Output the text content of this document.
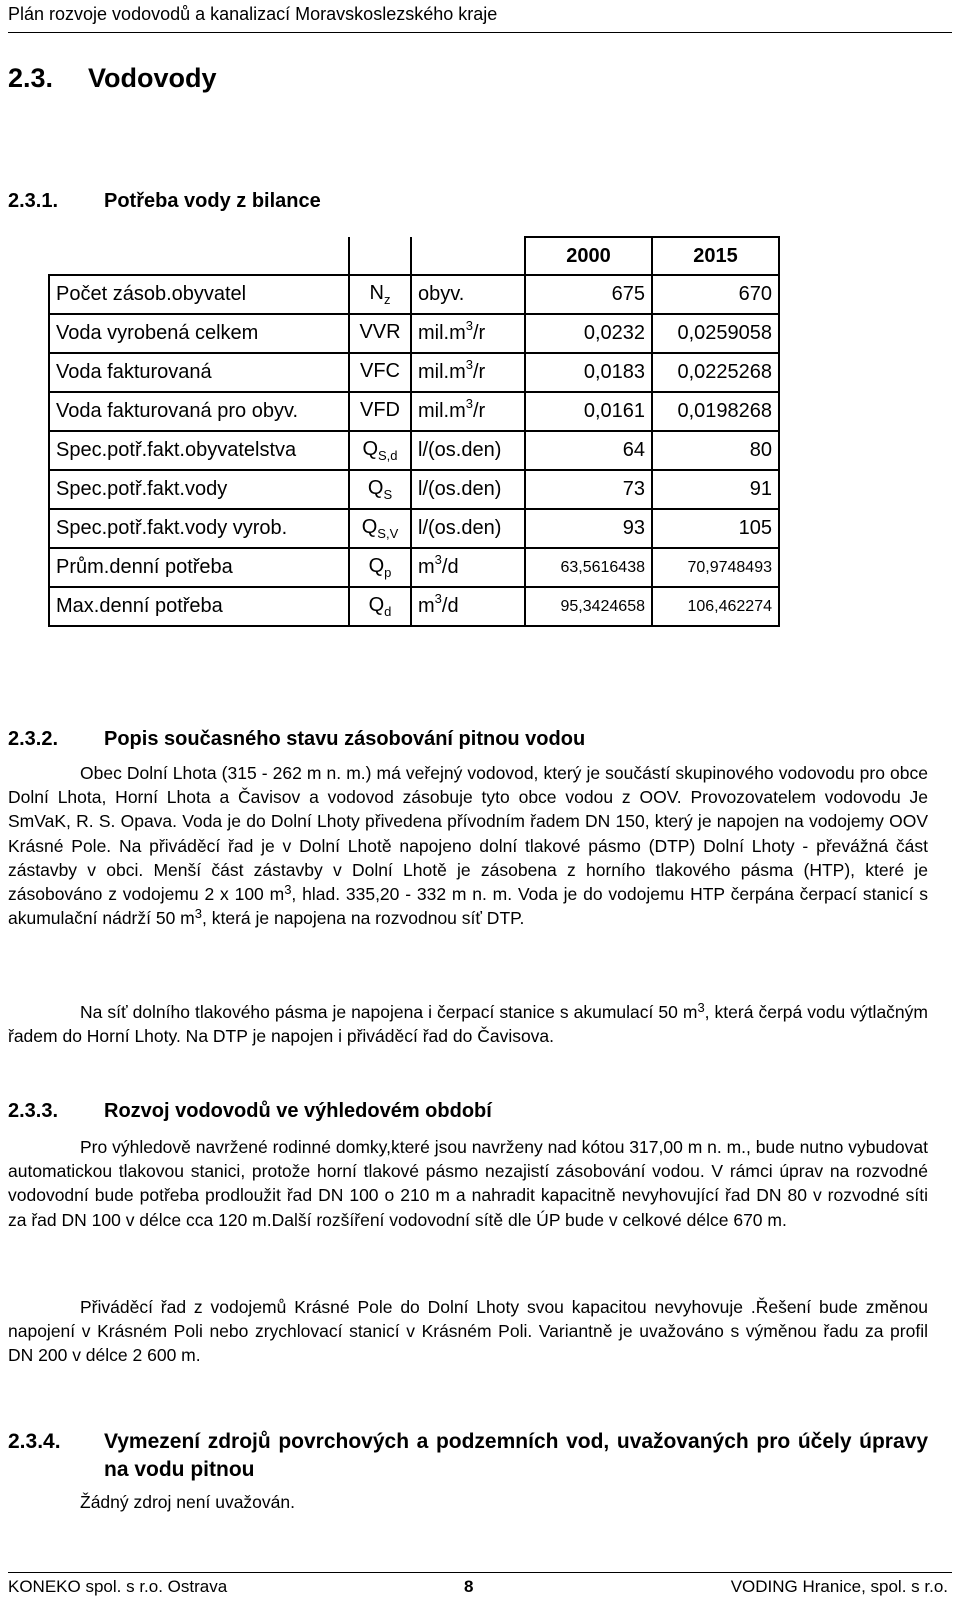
Plán rozvoje vodovodů a kanalizací Moravskoslezského kraje
2.3. Vodovody
2.3.1. Potřeba vody z bilance
			2000	2015
Počet zásob.obyvatel	$N_z$	obyv.	675	670
Voda vyrobená celkem	VVR	$mil.m^3/r$	0,0232	0,0259058
Voda fakturovaná	VFC	$mil.m^3/r$	0,0183	0,0225268
Voda fakturovaná pro obyv.	VFD	$mil.m^3/r$	0,0161	0,0198268
Spec.potř.fakt.obyvatelstva	$Q_{S,d}$	l/(os.den)	64	80
Spec.potř.fakt.vody	$Q_S$	l/(os.den)	73	91
Spec.potř.fakt.vody vyrob.	$Q_{S,V}$	l/(os.den)	93	105
Prům.denní potřeba	$Q_p$	$m^3/d$	63,5616438	70,9748493
Max.denní potřeba	$Q_d$	$m^3/d$	95,3424658	106,462274
2.3.2. Popis současného stavu zásobování pitnou vodou
Obec Dolní Lhota (315 - 262 m n. m.) má veřejný vodovod, který je součástí skupinového vodovodu pro obce Dolní Lhota, Horní Lhota a Čavisov a vodovod zásobuje tyto obce vodou z OOV. Provozovatelem vodovodu Je SmVaK, R. S. Opava. Voda je do Dolní Lhoty přivedena přívodním řadem DN 150, který je napojen na vodojemy OOV Krásné Pole. Na přiváděcí řad je v Dolní Lhotě napojeno dolní tlakové pásmo (DTP) Dolní Lhoty - převážná část zástavby v obci. Menší část zástavby v Dolní Lhotě je zásobena z horního tlakového pásma (HTP), které je zásobováno z vodojemu 2 x 100 $m^3$, hlad. 335,20 - 332 m n. m. Voda je do vodojemu HTP čerpána čerpací stanicí s akumulační nádrží 50 $m^3$, která je napojena na rozvodnou síť DTP.
Na síť dolního tlakového pásma je napojena i čerpací stanice s akumulací 50 $m^3$, která čerpá vodu výtlačným řadem do Horní Lhoty. Na DTP je napojen i přiváděcí řad do Čavisova.
2.3.3. Rozvoj vodovodů ve výhledovém období
Pro výhledově navržené rodinné domky,které jsou navrženy nad kótou 317,00 m n. m., bude nutno vybudovat automatickou tlakovou stanici, protože horní tlakové pásmo nezajistí zásobování vodou. V rámci úprav na rozvodné vodovodní bude potřeba prodloužit řad DN 100 o 210 m a nahradit kapacitně nevyhovující řad DN 80 v rozvodné síti za řad DN 100 v délce cca 120 m.Další rozšíření vodovodní sítě dle ÚP bude v celkové délce 670 m.
Přiváděcí řad z vodojemů Krásné Pole do Dolní Lhoty svou kapacitou nevyhovuje .Řešení bude změnou napojení v Krásném Poli nebo zrychlovací stanicí v Krásném Poli. Variantně je uvažováno s výměnou řadu za profil DN 200 v délce 2 600 m.
2.3.4.	Vymezení zdrojů povrchových a podzemních vod, uvažovaných pro účely úpravy na vodu pitnou
Žádný zdroj není uvažován.
KONEKO spol. s r.o. Ostrava	8	VODING Hranice, spol. s r.o.
